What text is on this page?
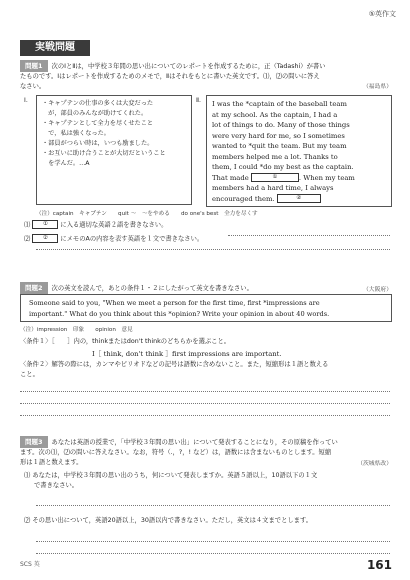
⑤英作文
実戦問題
問題1 次のⅠとⅡは，中学校３年間の思い出についてのレポートを作成するために，正（Tadashi）が書い
たものです。Ⅰはレポートを作成するためのメモで，Ⅱはそれをもとに書いた英文です。⑴，⑵の問いに答え
なさい。	（福島県）
Ⅰ. ・キャプテンの仕事の多くは大変だった
　が，部員のみんなが助けてくれた。
・キャプテンとして全力を尽くせたこと
　で，私は強くなった。
・部員がつらい時は，いつも励ました。
・お互いに助け合うことが大切だということ
　を学んだ。…A
Ⅱ. I was the *captain of the baseball team
at my school. As the captain, I had a
lot of things to do. Many of those things
were very hard for me, so I sometimes
wanted to *quit the team. But my team
members helped me a lot. Thanks to
them, I could *do my best as the captain.
That made	①	. When my team
members had a hard time, I always
encouraged them.	②
（注）captain　キャプテン　　quit ～　～をやめる　　do one's best　全力を尽くす
⑴ ① に入る適切な英語２語を書きなさい。
⑵ ② にメモのAの内容を表す英語を１文で書きなさい。
問題2 次の英文を読んで，あとの条件１・２にしたがって英文を書きなさい。	（大阪府）
Someone said to you, "When we meet a person for the first time, first *impressions are
important." What do you think about this *opinion? Write your opinion in about 40 words.
（注）impression　印象　　opinion　意見
〈条件１〉［　　］内の，thinkまたはdon't thinkのどちらかを選ぶこと。
I［ think, don't think ］first impressions are important.
〈条件２〉解答の際には，カンマやピリオドなどの記号は語数に含めないこと。また，短縮形は１語と数える
こと。
問題3 あなたは英語の授業で，「中学校３年間の思い出」について発表することになり，その原稿を作ってい
ます。次の⑴，⑵の問いに答えなさい。なお，符号（.，?，! など）は，語数には含まないものとします。短縮
形は１語と数えます。	（茨城県改）
⑴ あなたは，中学校３年間の思い出のうち，何について発表しますか。英語５語以上，10語以下の１文
で書きなさい。
⑵ その思い出について，英語20語以上，30語以内で書きなさい。ただし，英文は４文までとします。
SCS 英	161
